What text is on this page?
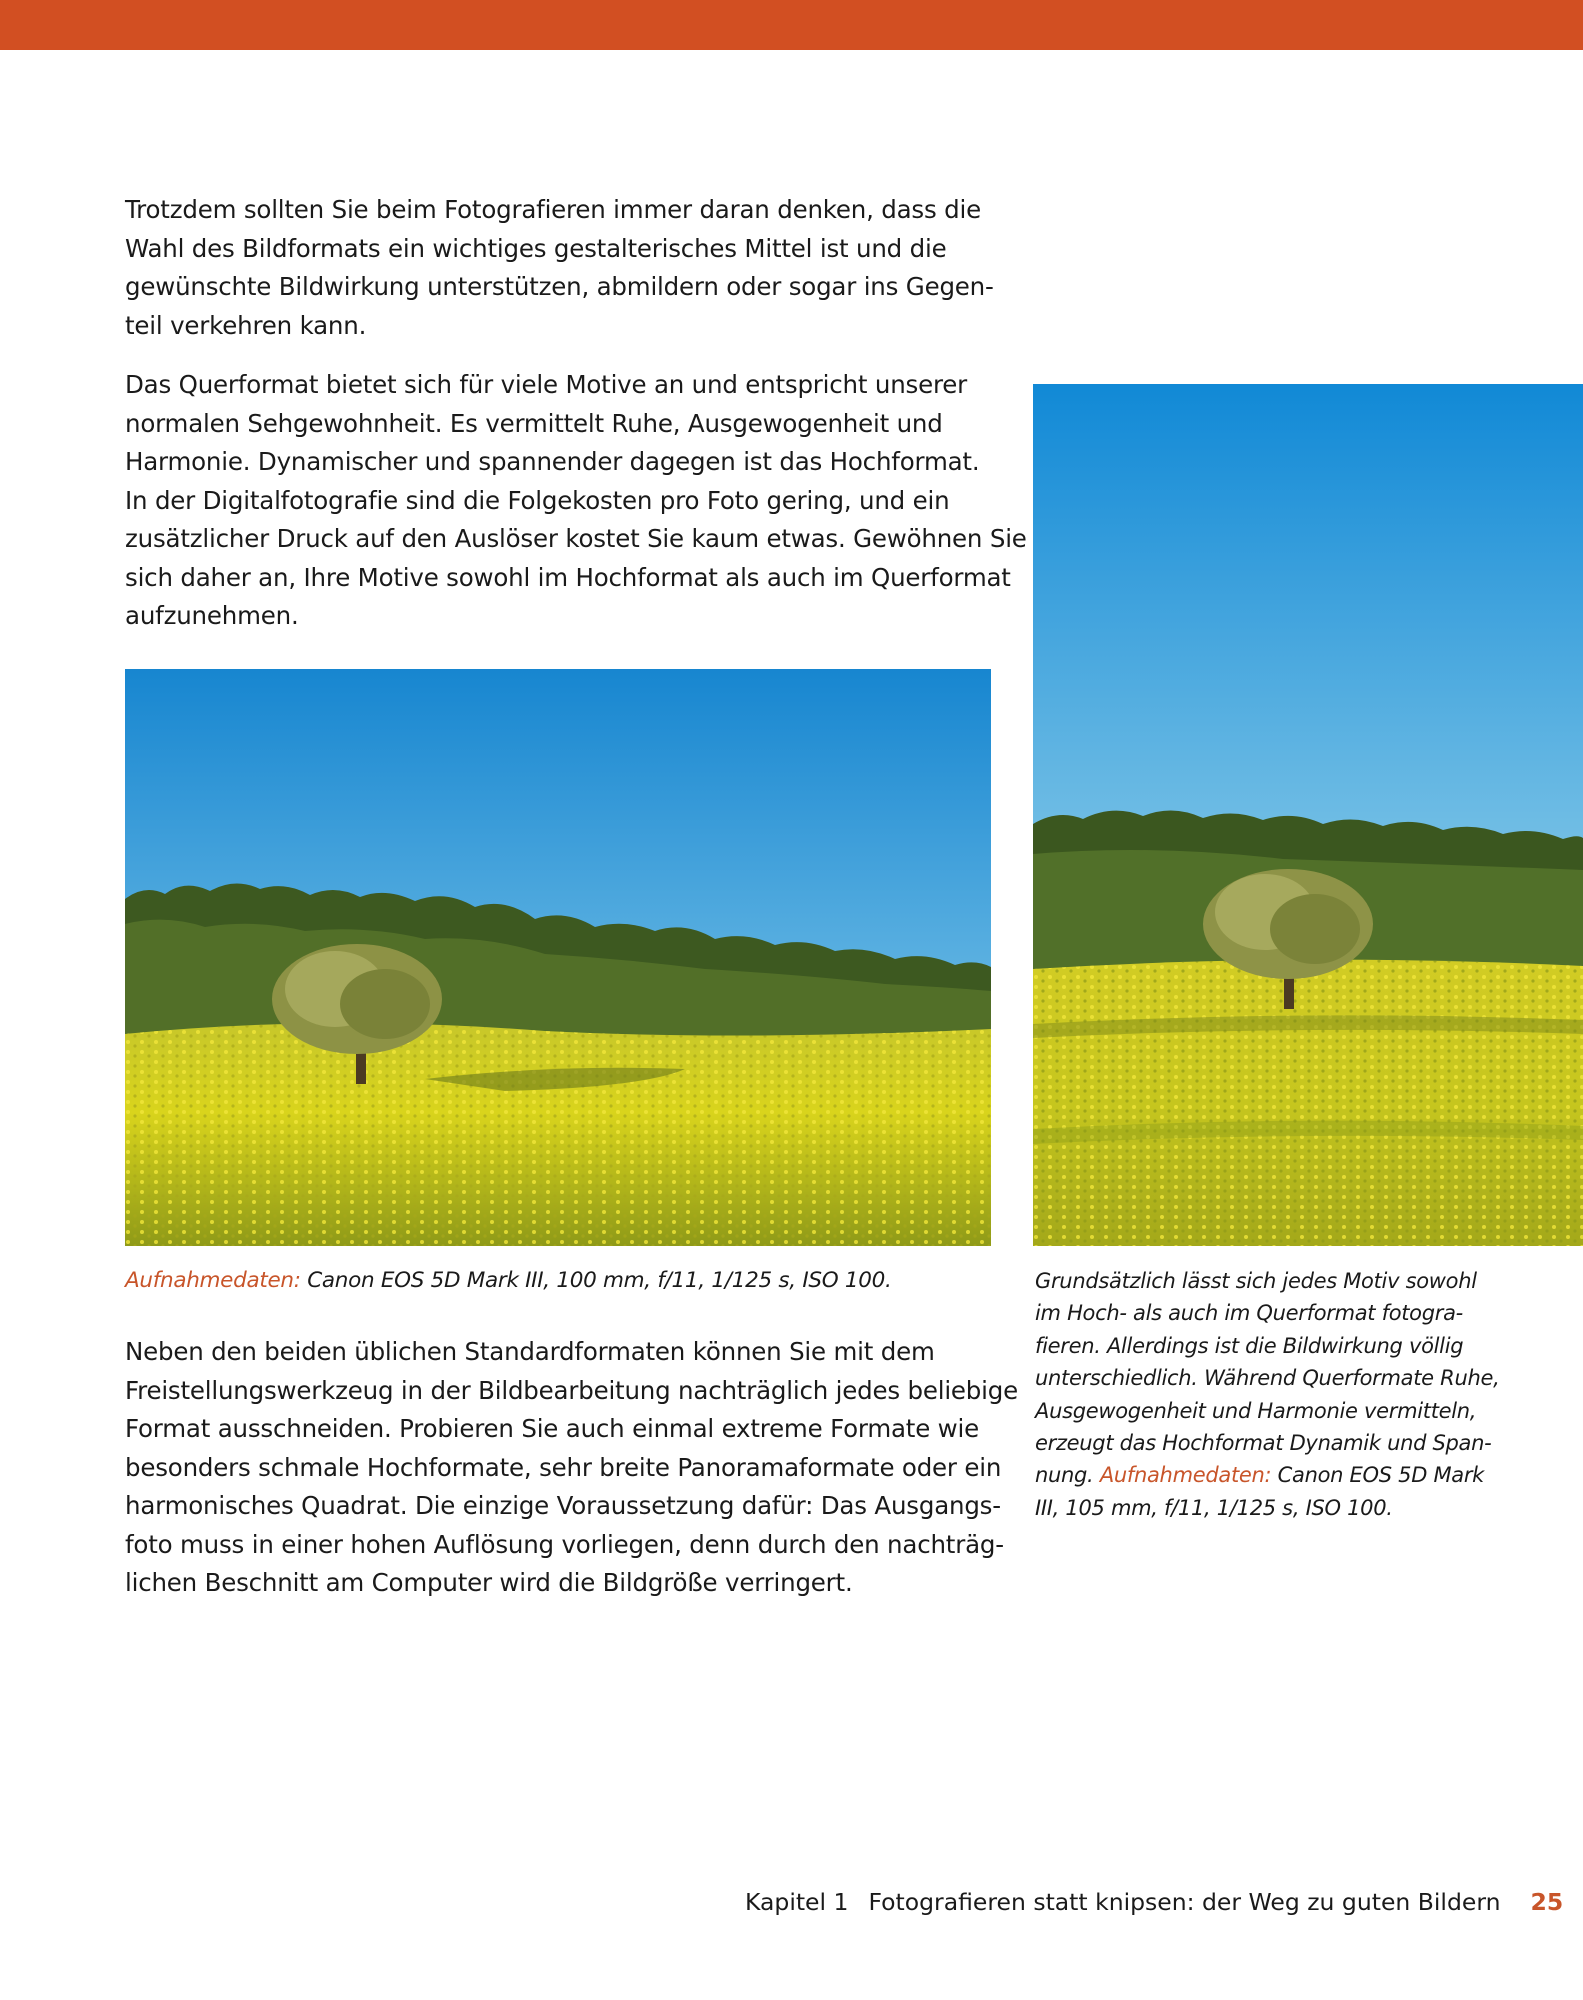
Trotzdem sollten Sie beim Fotografieren immer daran denken, dass die
Wahl des Bildformats ein wichtiges gestalterisches Mittel ist und die
gewünschte Bildwirkung unterstützen, abmildern oder sogar ins Gegen-
teil verkehren kann.

Das Querformat bietet sich für viele Motive an und entspricht unserer
normalen Sehgewohnheit. Es vermittelt Ruhe, Ausgewogenheit und
Harmonie. Dynamischer und spannender dagegen ist das Hochformat.
In der Digitalfotografie sind die Folgekosten pro Foto gering, und ein
zusätzlicher Druck auf den Auslöser kostet Sie kaum etwas. Gewöhnen Sie
sich daher an, Ihre Motive sowohl im Hochformat als auch im Querformat
aufzunehmen.

Aufnahmedaten: Canon EOS 5D Mark III, 100 mm, f/11, 1/125 s, ISO 100.	Grundsätzlich lässt sich jedes Motiv sowohl
im Hoch- als auch im Querformat fotogra-
fieren. Allerdings ist die Bildwirkung völlig
unterschiedlich. Während Querformate Ruhe,
Ausgewogenheit und Harmonie vermitteln,
erzeugt das Hochformat Dynamik und Span-
nung. Aufnahmedaten: Canon EOS 5D Mark
III, 105 mm, f/11, 1/125 s, ISO 100.

Neben den beiden üblichen Standardformaten können Sie mit dem
Freistellungswerkzeug in der Bildbearbeitung nachträglich jedes beliebige
Format ausschneiden. Probieren Sie auch einmal extreme Formate wie
besonders schmale Hochformate, sehr breite Panoramaformate oder ein
harmonisches Quadrat. Die einzige Voraussetzung dafür: Das Ausgangs-
foto muss in einer hohen Auflösung vorliegen, denn durch den nachträg-
lichen Beschnitt am Computer wird die Bildgröße verringert.

Kapitel 1 Fotografieren statt knipsen: der Weg zu guten Bildern 25
